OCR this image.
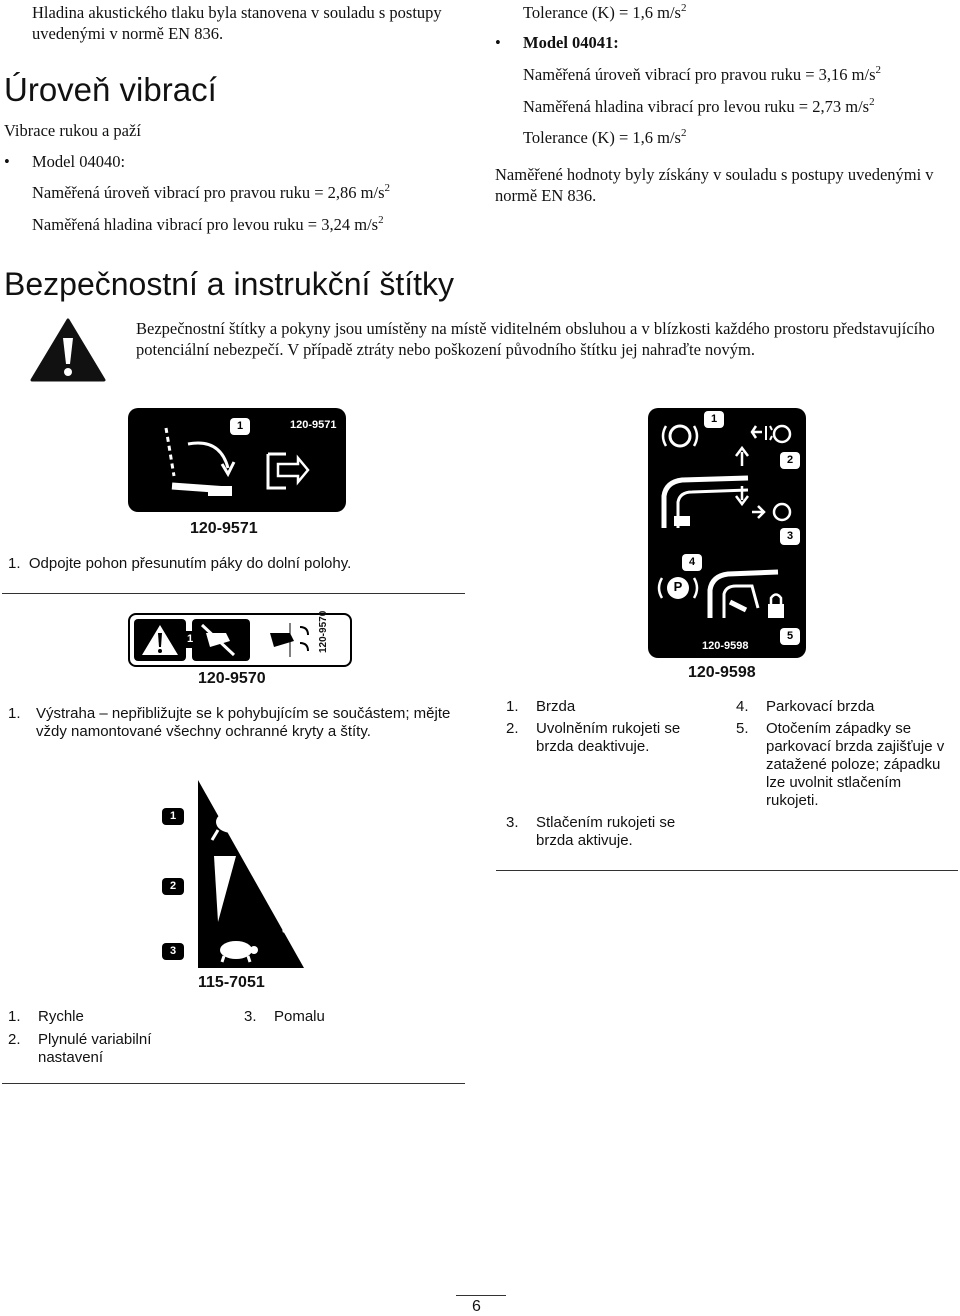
Hladina akustického tlaku byla stanovena v souladu s postupy uvedenými v normě EN 836.
Úroveň vibrací
Vibrace rukou a paží
• Model 04040:
Naměřená úroveň vibrací pro pravou ruku = 2,86 $m/s^2$
Naměřená hladina vibrací pro levou ruku = 3,24 $m/s^2$
Tolerance (K) = 1,6 $m/s^2$
• Model 04041:
Naměřená úroveň vibrací pro pravou ruku = 3,16 $m/s^2$
Naměřená hladina vibrací pro levou ruku = 2,73 $m/s^2$
Tolerance (K) = 1,6 $m/s^2$
Naměřené hodnoty byly získány v souladu s postupy uvedenými v normě EN 836.
Bezpečnostní a instrukční štítky
Bezpečnostní štítky a pokyny jsou umístěny na místě viditelném obsluhou a v blízkosti každého prostoru představujícího potenciální nebezpečí. V případě ztráty nebo poškození původního štítku jej nahraďte novým.
1	120-9571
120-9571
1. Odpojte pohon přesunutím páky do dolní polohy.
1	120-9570
120-9570
1.	Výstraha – nepřibližujte se k pohybujícím se součástem; mějte vždy namontované všechny ochranné kryty a štíty.
1
2
3
115-7051
115-7051
1.	Rychle
2.	Plynulé variabilní nastavení
3.	Pomalu
1
2
3
4
5
P
120-9598
120-9598
1.	Brzda
2.	Uvolněním rukojeti se brzda deaktivuje.
3.	Stlačením rukojeti se brzda aktivuje.
4.	Parkovací brzda
5.	Otočením západky se parkovací brzda zajišťuje v zatažené poloze; západku lze uvolnit stlačením rukojeti.
6
